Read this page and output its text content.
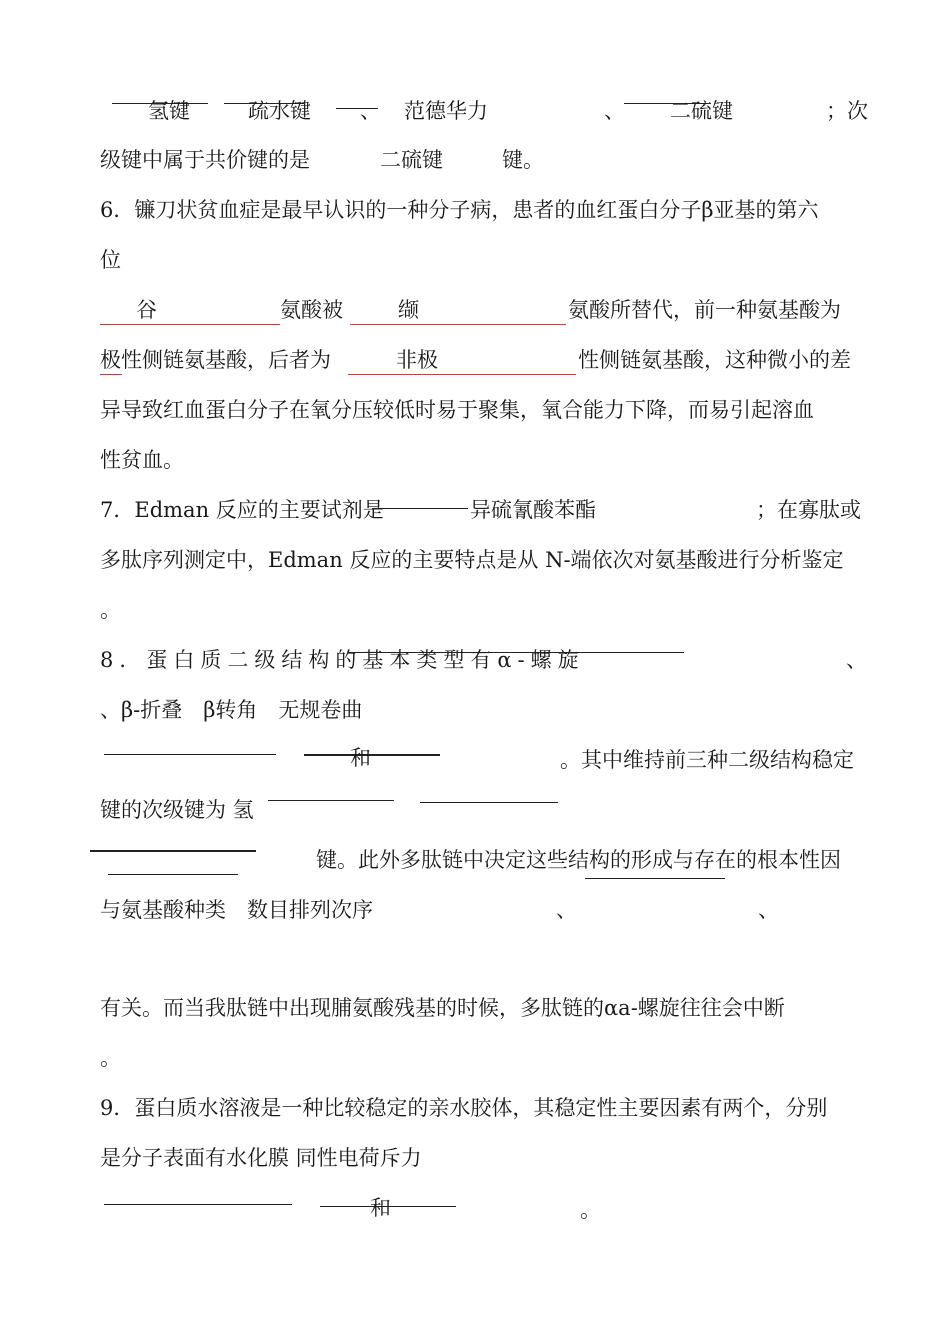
氢键	疏水键 、 范德华力	、 二硫键	；次
级键中属于共价键的是	二硫键	键。
6．镰刀状贫血症是最早认识的一种分子病，患者的血红蛋白分子β亚基的第六
位
谷	氨酸被	缬	氨酸所替代，前一种氨基酸为
极性侧链氨基酸，后者为	非极	性侧链氨基酸，这种微小的差
异导致红血蛋白分子在氧分压较低时易于聚集，氧合能力下降，而易引起溶血
性贫血。
7．Edman 反应的主要试剂是	异硫氰酸苯酯	；在寡肽或
多肽序列测定中，Edman 反应的主要特点是从 N-端依次对氨基酸进行分析鉴定
。
8．蛋白质二级结构的基本类型有α-螺旋	、
、β-折叠　β转角　无规卷曲
和	。其中维持前三种二级结构稳定
键的次级键为 氢
键。此外多肽链中决定这些结构的形成与存在的根本性因
与氨基酸种类　数目排列次序	、	、
有关。而当我肽链中出现脯氨酸残基的时候，多肽链的αa-螺旋往往会中断
。
9．蛋白质水溶液是一种比较稳定的亲水胶体，其稳定性主要因素有两个，分别
是分子表面有水化膜 同性电荷斥力
和	。
